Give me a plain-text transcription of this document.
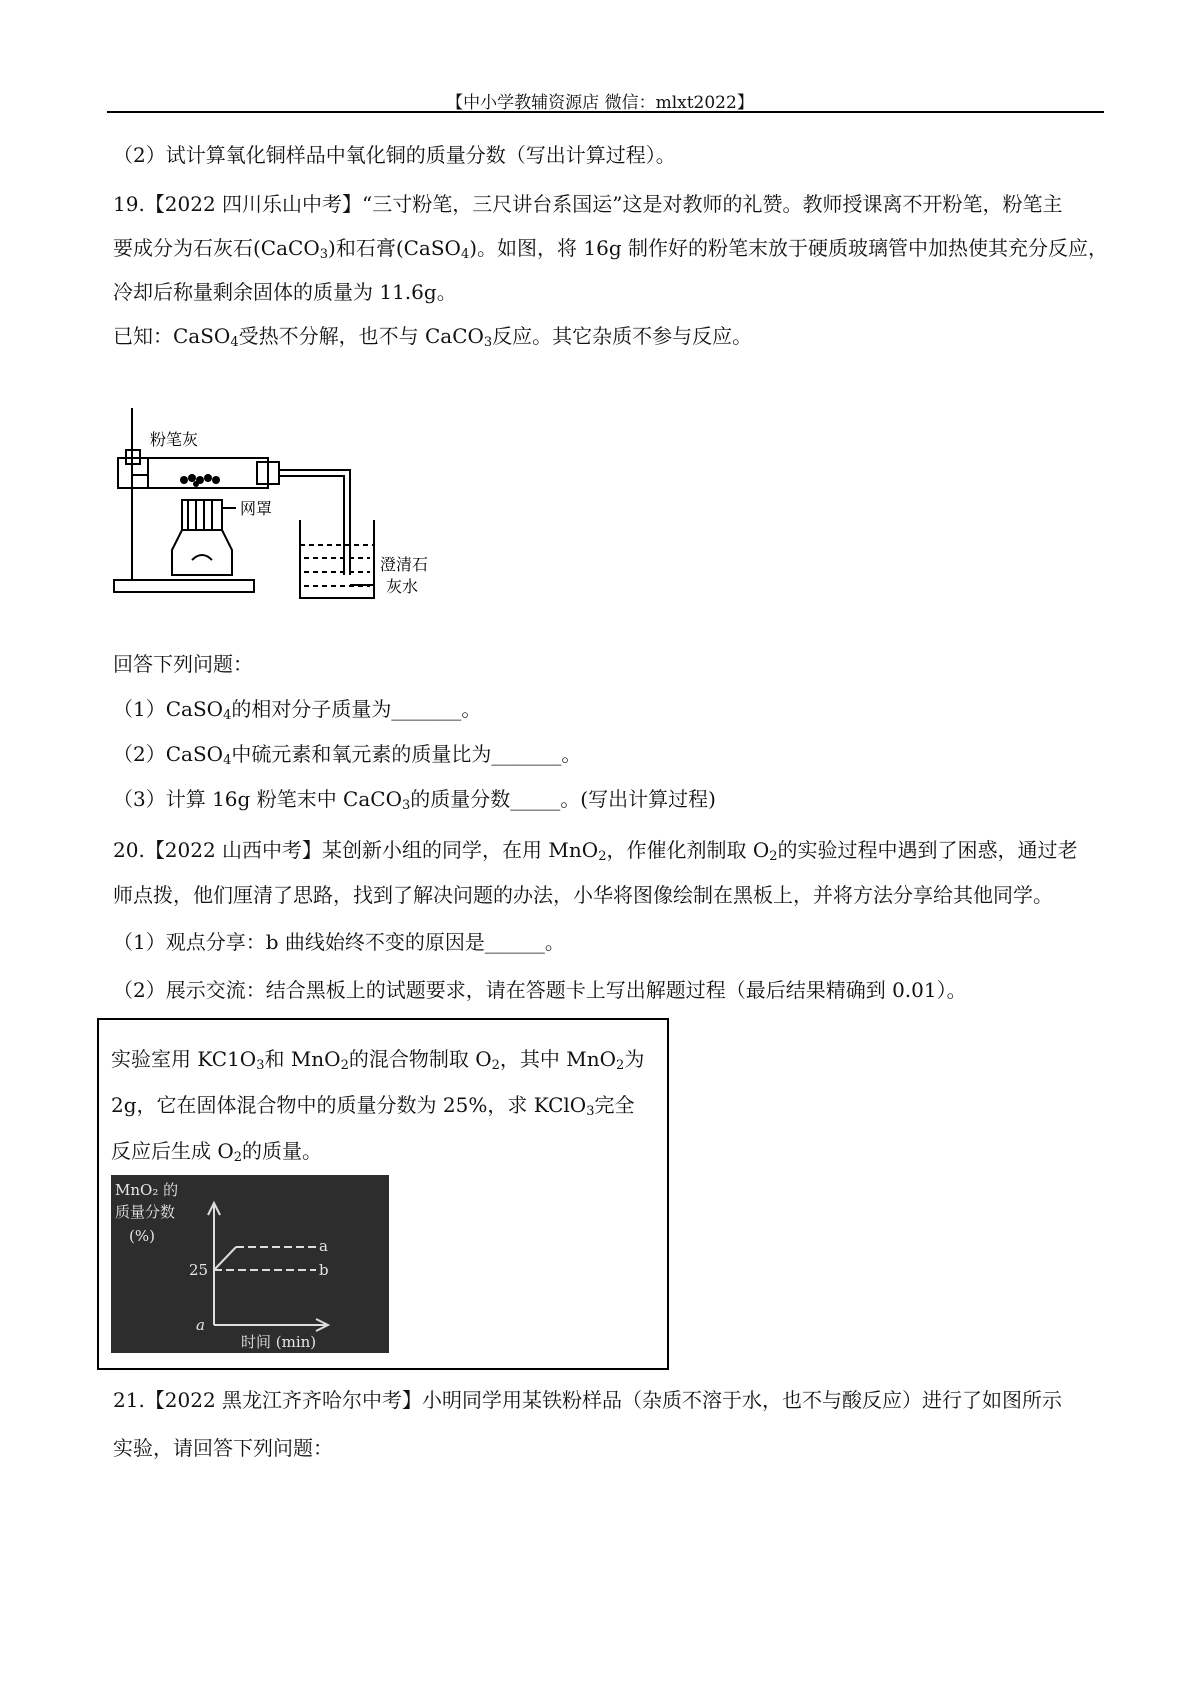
【中小学教辅资源店 微信：mlxt2022】
（2）试计算氧化铜样品中氧化铜的质量分数（写出计算过程）。
19.【2022 四川乐山中考】“三寸粉笔，三尺讲台系国运”这是对教师的礼赞。教师授课离不开粉笔，粉笔主
要成分为石灰石(CaCO$_3$)和石膏(CaSO$_4$)。如图，将 16g 制作好的粉笔末放于硬质玻璃管中加热使其充分反应，
冷却后称量剩余固体的质量为 11.6g。
已知：CaSO$_4$受热不分解，也不与 CaCO$_3$反应。其它杂质不参与反应。
粉笔灰
网罩
澄清石
灰水
回答下列问题：
（1）CaSO$_4$的相对分子质量为_______。
（2）CaSO$_4$中硫元素和氧元素的质量比为_______。
（3）计算 16g 粉笔末中 CaCO$_3$的质量分数_____。(写出计算过程)
20.【2022 山西中考】某创新小组的同学，在用 MnO$_2$，作催化剂制取 $O_2$的实验过程中遇到了困惑，通过老
师点拨，他们厘清了思路，找到了解决问题的办法，小华将图像绘制在黑板上，并将方法分享给其他同学。
（1）观点分享：b 曲线始终不变的原因是______。
（2）展示交流：结合黑板上的试题要求，请在答题卡上写出解题过程（最后结果精确到 0.01）。
实验室用 $KC1O_3$和 MnO$_2$的混合物制取 $O_2$，其中 MnO$_2$为
2g，它在固体混合物中的质量分数为 25%，求 KClO$_3$完全
反应后生成 $O_2$的质量。
MnO₂ 的
质量分数
(%)
25
a
时间 (min)
a
b
21.【2022 黑龙江齐齐哈尔中考】小明同学用某铁粉样品（杂质不溶于水，也不与酸反应）进行了如图所示
实验，请回答下列问题：
